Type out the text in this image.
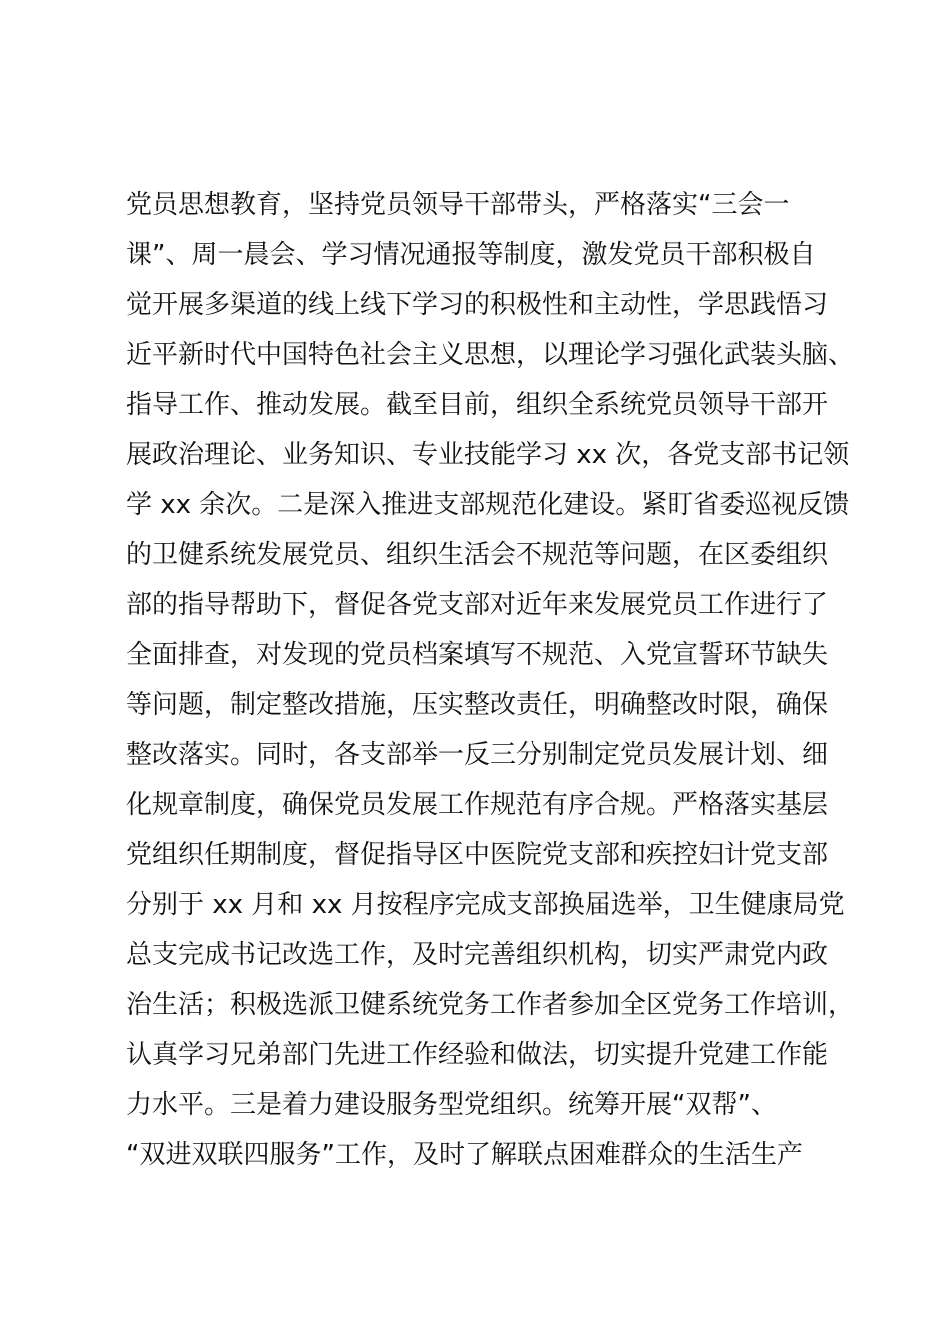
党员思想教育，坚持党员领导干部带头，严格落实“三会一
课”、周一晨会、学习情况通报等制度，激发党员干部积极自
觉开展多渠道的线上线下学习的积极性和主动性，学思践悟习
近平新时代中国特色社会主义思想，以理论学习强化武装头脑、
指导工作、推动发展。截至目前，组织全系统党员领导干部开
展政治理论、业务知识、专业技能学习 xx 次，各党支部书记领
学 xx 余次。二是深入推进支部规范化建设。紧盯省委巡视反馈
的卫健系统发展党员、组织生活会不规范等问题，在区委组织
部的指导帮助下，督促各党支部对近年来发展党员工作进行了
全面排查，对发现的党员档案填写不规范、入党宣誓环节缺失
等问题，制定整改措施，压实整改责任，明确整改时限，确保
整改落实。同时，各支部举一反三分别制定党员发展计划、细
化规章制度，确保党员发展工作规范有序合规。严格落实基层
党组织任期制度，督促指导区中医院党支部和疾控妇计党支部
分别于 xx 月和 xx 月按程序完成支部换届选举，卫生健康局党
总支完成书记改选工作，及时完善组织机构，切实严肃党内政
治生活；积极选派卫健系统党务工作者参加全区党务工作培训，
认真学习兄弟部门先进工作经验和做法，切实提升党建工作能
力水平。三是着力建设服务型党组织。统筹开展“双帮”、
“双进双联四服务”工作，及时了解联点困难群众的生活生产
